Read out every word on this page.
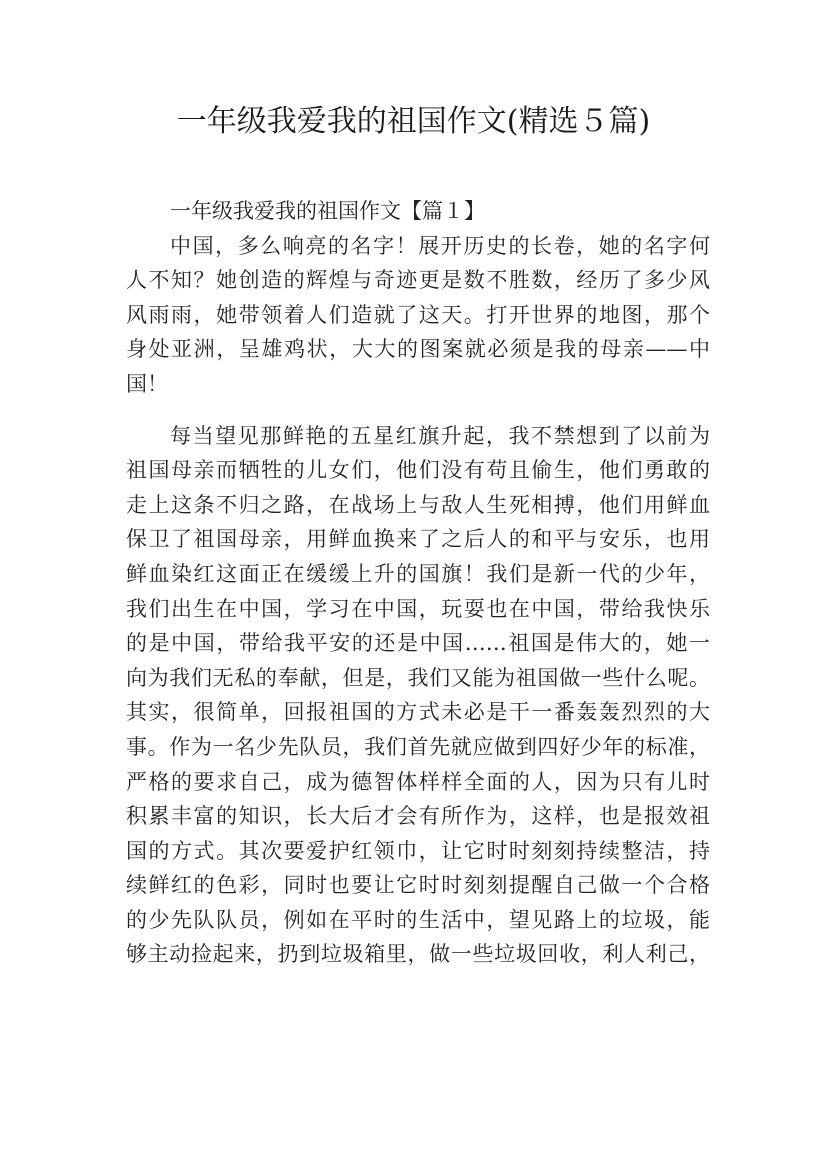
一年级我爱我的祖国作文(精选５篇)
一年级我爱我的祖国作文【篇１】
中国，多么响亮的名字！展开历史的长卷，她的名字何
人不知？她创造的辉煌与奇迹更是数不胜数，经历了多少风
风雨雨，她带领着人们造就了这天。打开世界的地图，那个
身处亚洲，呈雄鸡状，大大的图案就必须是我的母亲——中
国！
每当望见那鲜艳的五星红旗升起，我不禁想到了以前为
祖国母亲而牺牲的儿女们，他们没有苟且偷生，他们勇敢的
走上这条不归之路，在战场上与敌人生死相搏，他们用鲜血
保卫了祖国母亲，用鲜血换来了之后人的和平与安乐，也用
鲜血染红这面正在缓缓上升的国旗！我们是新一代的少年，
我们出生在中国，学习在中国，玩耍也在中国，带给我快乐
的是中国，带给我平安的还是中国……祖国是伟大的，她一
向为我们无私的奉献，但是，我们又能为祖国做一些什么呢。
其实，很简单，回报祖国的方式未必是干一番轰轰烈烈的大
事。作为一名少先队员，我们首先就应做到四好少年的标准，
严格的要求自己，成为德智体样样全面的人，因为只有儿时
积累丰富的知识，长大后才会有所作为，这样，也是报效祖
国的方式。其次要爱护红领巾，让它时时刻刻持续整洁，持
续鲜红的色彩，同时也要让它时时刻刻提醒自己做一个合格
的少先队队员，例如在平时的生活中，望见路上的垃圾，能
够主动捡起来，扔到垃圾箱里，做一些垃圾回收，利人利己，
